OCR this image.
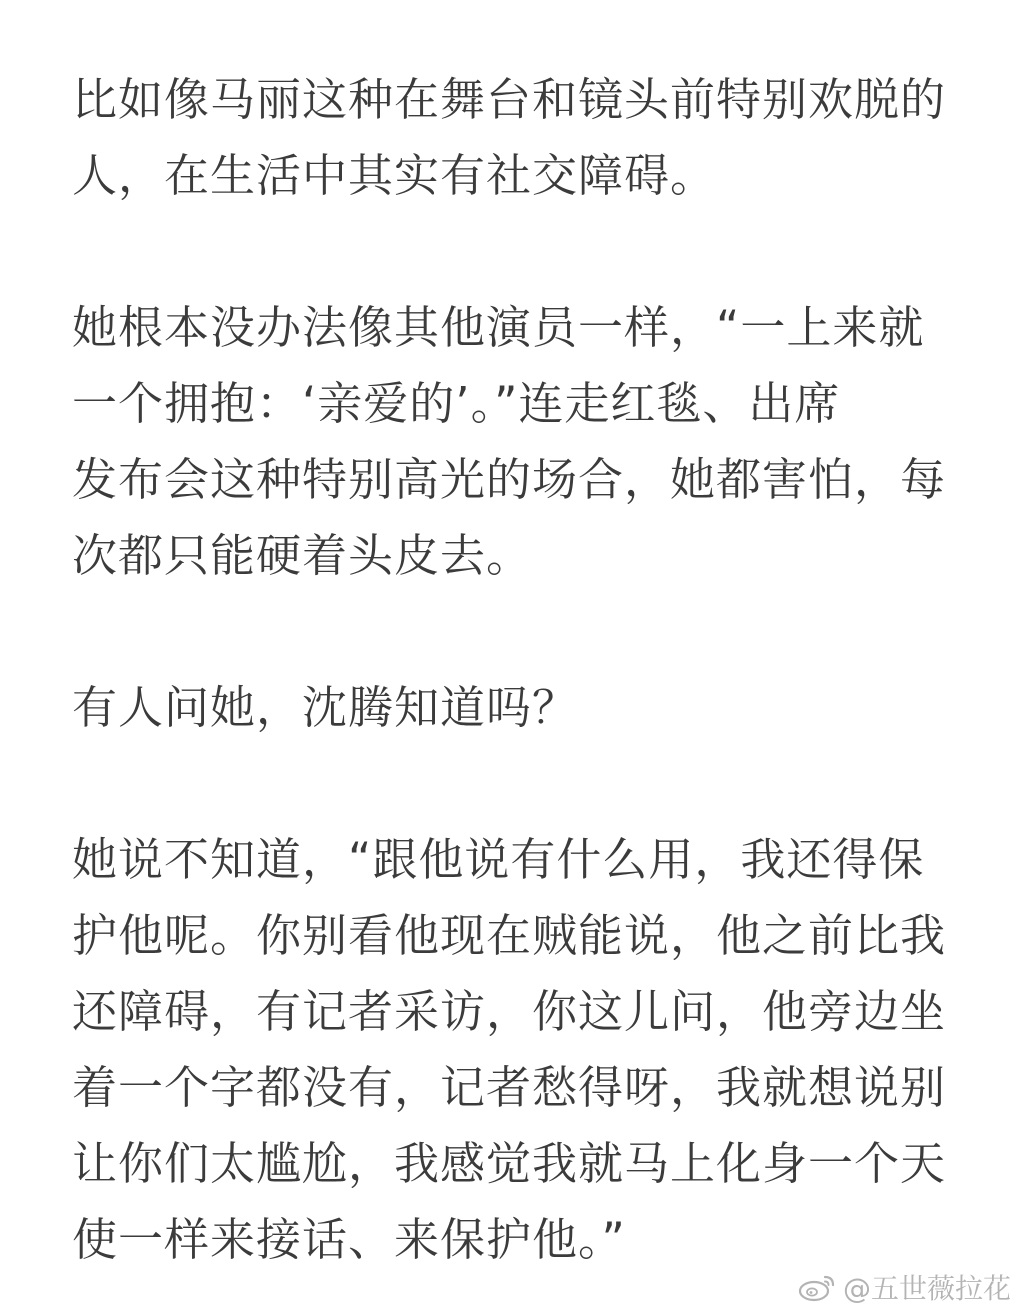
比如像马丽这种在舞台和镜头前特别欢脱的
人，在生活中其实有社交障碍。

她根本没办法像其他演员一样，“一上来就
一个拥抱：‘亲爱的’。”连走红毯、出席
发布会这种特别高光的场合，她都害怕，每
次都只能硬着头皮去。

有人问她，沈腾知道吗？

她说不知道，“跟他说有什么用，我还得保
护他呢。你别看他现在贼能说，他之前比我
还障碍，有记者采访，你这儿问，他旁边坐
着一个字都没有，记者愁得呀，我就想说别
让你们太尴尬，我感觉我就马上化身一个天
使一样来接话、来保护他。”

@五世薇拉花
